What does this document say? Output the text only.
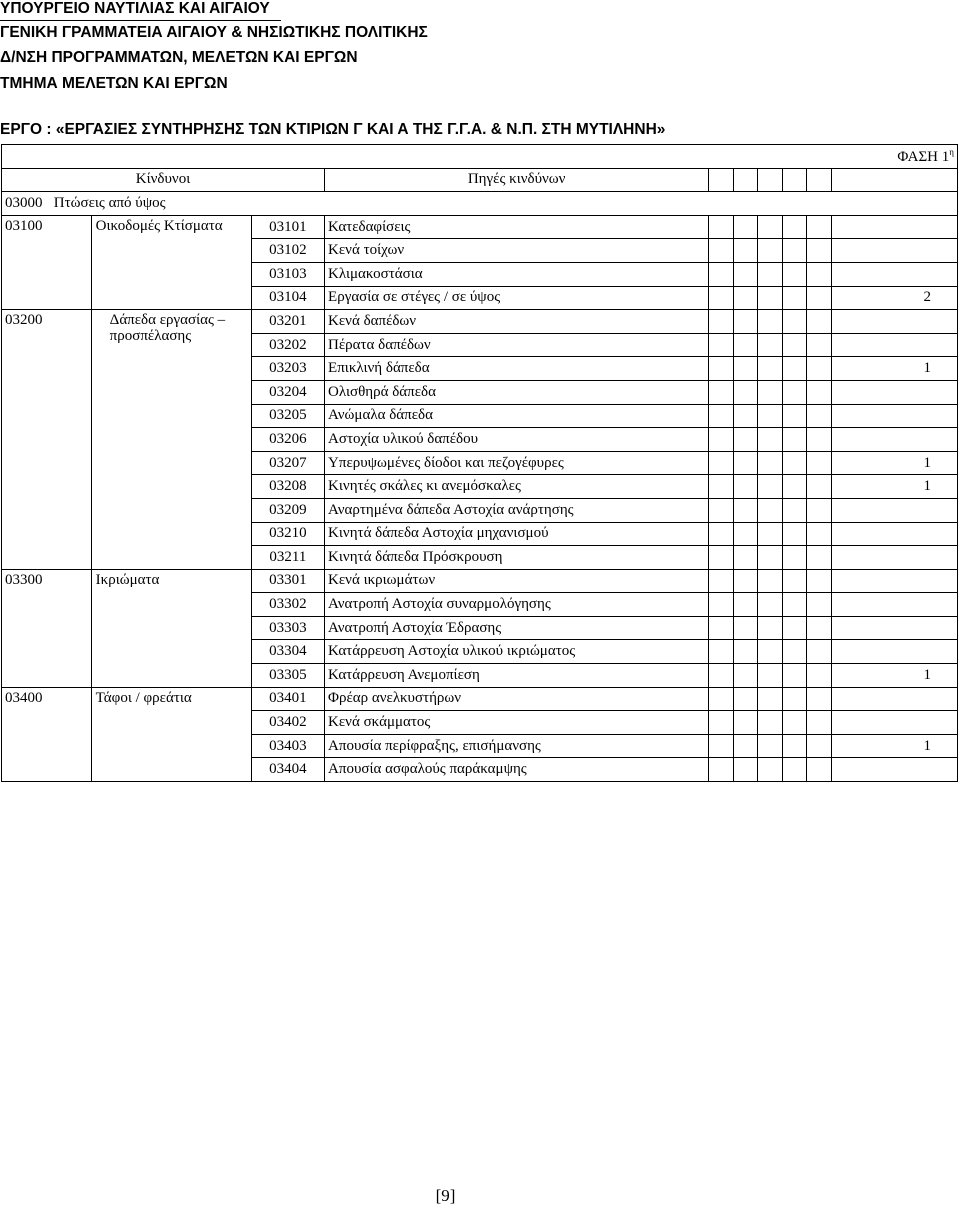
ΥΠΟΥΡΓΕΙΟ ΝΑΥΤΙΛΙΑΣ ΚΑΙ ΑΙΓΑΙΟΥ
ΓΕΝΙΚΗ ΓΡΑΜΜΑΤΕΙΑ ΑΙΓΑΙΟΥ & ΝΗΣΙΩΤΙΚΗΣ ΠΟΛΙΤΙΚΗΣ
Δ/ΝΣΗ ΠΡΟΓΡΑΜΜΑΤΩΝ, ΜΕΛΕΤΩΝ ΚΑΙ ΕΡΓΩΝ
ΤΜΗΜΑ ΜΕΛΕΤΩΝ ΚΑΙ ΕΡΓΩΝ
ΕΡΓΟ : «ΕΡΓΑΣΙΕΣ ΣΥΝΤΗΡΗΣΗΣ ΤΩΝ ΚΤΙΡΙΩΝ Γ ΚΑΙ Α ΤΗΣ Γ.Γ.Α. & Ν.Π. ΣΤΗ ΜΥΤΙΛΗΝΗ»
ΦΑΣΗ $1^\eta$
Κίνδυνοι			Πηγές κινδύνων						
03000 Πτώσεις από ύψος									
03100	Οικοδομές Κτίσματα	03101	Κατεδαφίσεις						
		03102	Κενά τοίχων						
		03103	Κλιμακοστάσια						
		03104	Εργασία σε στέγες / σε ύψος						2
03200	Δάπεδα εργασίας – προσπέλασης	03201	Κενά δαπέδων						
		03202	Πέρατα δαπέδων						
		03203	Επικλινή δάπεδα						1
		03204	Ολισθηρά δάπεδα						
		03205	Ανώμαλα δάπεδα						
		03206	Αστοχία υλικού δαπέδου						
		03207	Υπερυψωμένες δίοδοι και πεζογέφυρες						1
		03208	Κινητές σκάλες κι ανεμόσκαλες						1
		03209	Αναρτημένα δάπεδα Αστοχία ανάρτησης						
		03210	Κινητά δάπεδα Αστοχία μηχανισμού						
		03211	Κινητά δάπεδα Πρόσκρουση						
03300	Ικριώματα	03301	Κενά ικριωμάτων						
		03302	Ανατροπή Αστοχία συναρμολόγησης						
		03303	Ανατροπή Αστοχία Έδρασης						
		03304	Κατάρρευση Αστοχία υλικού ικριώματος						
		03305	Κατάρρευση Ανεμοπίεση						1
03400	Τάφοι / φρεάτια	03401	Φρέαρ ανελκυστήρων						
		03402	Κενά σκάμματος						
		03403	Απουσία περίφραξης, επισήμανσης						1
		03404	Απουσία ασφαλούς παράκαμψης						
[9]
